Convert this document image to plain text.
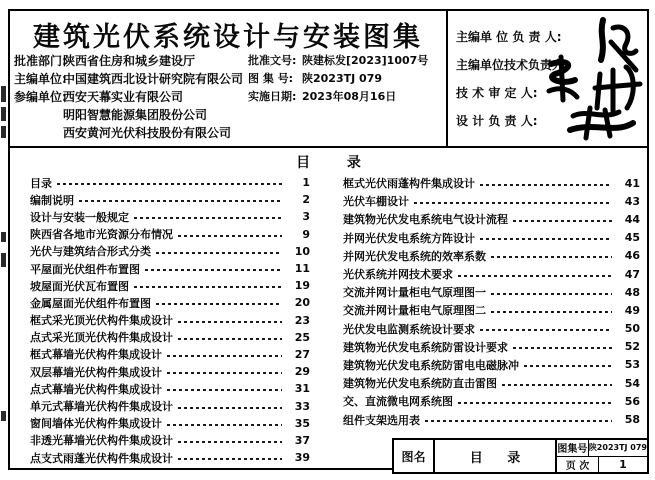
建筑光伏系统设计与安装图集
批准部门:
陕西省住房和城乡建设厅
主编单位:
中国建筑西北设计研究院有限公司
参编单位:
西安天幕实业有限公司
明阳智慧能源集团股份公司
西安黄河光伏科技股份有限公司
批准文号: 陕建标发[2023]1007号
图 集 号: 陕2023TJ 079
实施日期: 2023年08月16日
主编单 位 负 责 人:
主编单位技术负责人:
技 术 审 定 人:
设 计 负 责 人:
目 录
目录	1
编制说明	2
设计与安装一般规定	3
陕西省各地市光资源分布情况	9
光伏与建筑结合形式分类	10
平屋面光伏组件布置图	11
坡屋面光伏瓦布置图	19
金属屋面光伏组件布置图	20
框式采光顶光伏构件集成设计	23
点式采光顶光伏构件集成设计	25
框式幕墙光伏构件集成设计	27
双层幕墙光伏构件集成设计	29
点式幕墙光伏构件集成设计	31
单元式幕墙光伏构件集成设计	33
窗间墙体光伏构件集成设计	35
非透光幕墙光伏构件集成设计	37
点支式雨蓬光伏构件集成设计	39
框式光伏雨蓬构件集成设计	41
光伏车棚设计	43
建筑物光伏发电系统电气设计流程	44
并网光伏发电系统方阵设计	45
并网光伏发电系统的效率系数	46
光伏系统并网技术要求	47
交流并网计量柜电气原理图一	48
交流并网计量柜电气原理图二	49
光伏发电监测系统设计要求	50
建筑物光伏发电系统防雷设计要求	52
建筑物光伏发电系统防雷电电磁脉冲	53
建筑物光伏发电系统防直击雷图	54
交、直流微电网系统图	56
组件支架选用表	58
图名	目 录
图集号 陕2023TJ 079
页 次	1
